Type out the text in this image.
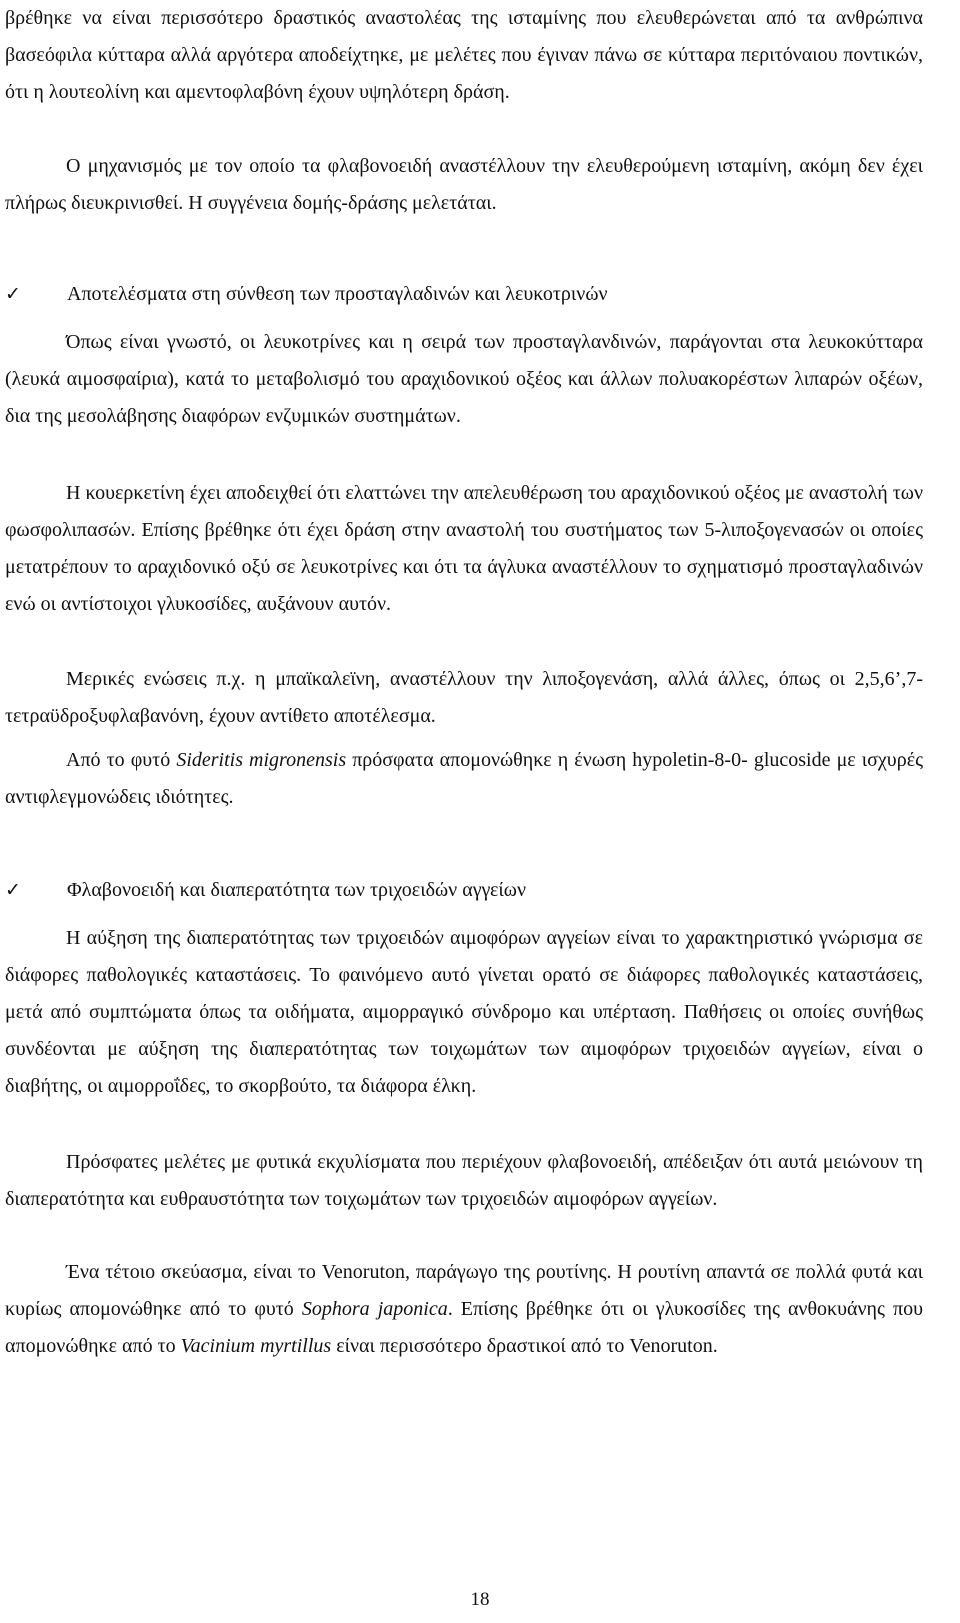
βρέθηκε να είναι περισσότερο δραστικός αναστολέας της ισταμίνης που ελευθερώνεται από τα ανθρώπινα βασεόφιλα κύτταρα αλλά αργότερα αποδείχτηκε, με μελέτες που έγιναν πάνω σε κύτταρα περιτόναιου ποντικών, ότι η λουτεολίνη και αμεντοφλαβόνη έχουν υψηλότερη δράση.

Ο μηχανισμός με τον οποίο τα φλαβονοειδή αναστέλλουν την ελευθερούμενη ισταμίνη, ακόμη δεν έχει πλήρως διευκρινισθεί. Η συγγένεια δομής-δράσης μελετάται.

✓	Αποτελέσματα στη σύνθεση των προσταγλαδινών και λευκοτρινών

Όπως είναι γνωστό, οι λευκοτρίνες και η σειρά των προσταγλανδινών, παράγονται στα λευκοκύτταρα (λευκά αιμοσφαίρια), κατά το μεταβολισμό του αραχιδονικού οξέος και άλλων πολυακορέστων λιπαρών οξέων, δια της μεσολάβησης διαφόρων ενζυμικών συστημάτων.

Η κουερκετίνη έχει αποδειχθεί ότι ελαττώνει την απελευθέρωση του αραχιδονικού οξέος με αναστολή των φωσφολιπασών. Επίσης βρέθηκε ότι έχει δράση στην αναστολή του συστήματος των 5-λιποξογενασών οι οποίες μετατρέπουν το αραχιδονικό οξύ σε λευκοτρίνες και ότι τα άγλυκα αναστέλλουν το σχηματισμό προσταγλαδινών ενώ οι αντίστοιχοι γλυκοσίδες, αυξάνουν αυτόν.

Μερικές ενώσεις π.χ. η μπαϊκαλεϊνη, αναστέλλουν την λιποξογενάση, αλλά άλλες, όπως οι 2,5,6’,7-τετραϋδροξυφλαβανόνη, έχουν αντίθετο αποτέλεσμα.

Από το φυτό Sideritis migronensis πρόσφατα απομονώθηκε η ένωση hypoletin-8-0- glucoside με ισχυρές αντιφλεγμονώδεις ιδιότητες.

✓	Φλαβονοειδή και διαπερατότητα των τριχοειδών αγγείων

Η αύξηση της διαπερατότητας των τριχοειδών αιμοφόρων αγγείων είναι το χαρακτηριστικό γνώρισμα σε διάφορες παθολογικές καταστάσεις. Το φαινόμενο αυτό γίνεται ορατό σε διάφορες παθολογικές καταστάσεις, μετά από συμπτώματα όπως τα οιδήματα, αιμορραγικό σύνδρομο και υπέρταση. Παθήσεις οι οποίες συνήθως συνδέονται με αύξηση της διαπερατότητας των τοιχωμάτων των αιμοφόρων τριχοειδών αγγείων, είναι ο διαβήτης, οι αιμορροΐδες, το σκορβούτο, τα διάφορα έλκη.

Πρόσφατες μελέτες με φυτικά εκχυλίσματα που περιέχουν φλαβονοειδή, απέδειξαν ότι αυτά μειώνουν τη διαπερατότητα και ευθραυστότητα των τοιχωμάτων των τριχοειδών αιμοφόρων αγγείων.

Ένα τέτοιο σκεύασμα, είναι το Venoruton, παράγωγο της ρουτίνης. Η ρουτίνη απαντά σε πολλά φυτά και κυρίως απομονώθηκε από το φυτό Sophora japonica. Επίσης βρέθηκε ότι οι γλυκοσίδες της ανθοκυάνης που απομονώθηκε από το Vacinium myrtillus είναι περισσότερο δραστικοί από το Venoruton.

18
